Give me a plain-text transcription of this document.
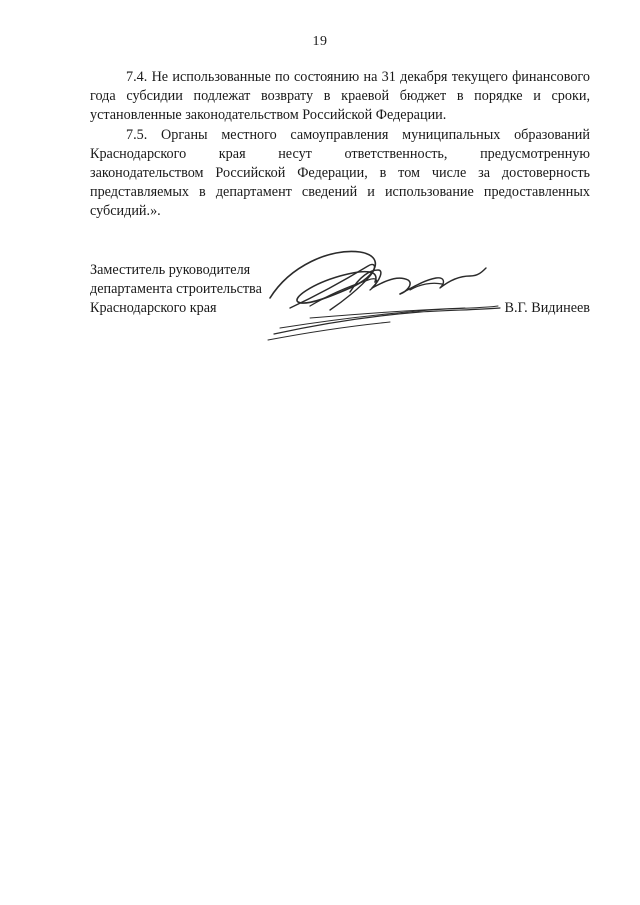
19

7.4. Не использованные по состоянию на 31 декабря текущего финансового года субсидии подлежат возврату в краевой бюджет в порядке и сроки, установленные законодательством Российской Федерации.

7.5. Органы местного самоуправления муниципальных образований Краснодарского края несут ответственность, предусмотренную законодательством Российской Федерации, в том числе за достоверность представляемых в департамент сведений и использование предоставленных субсидий.».

Заместитель руководителя
департамента строительства
Краснодарского края	В.Г. Видинеев
